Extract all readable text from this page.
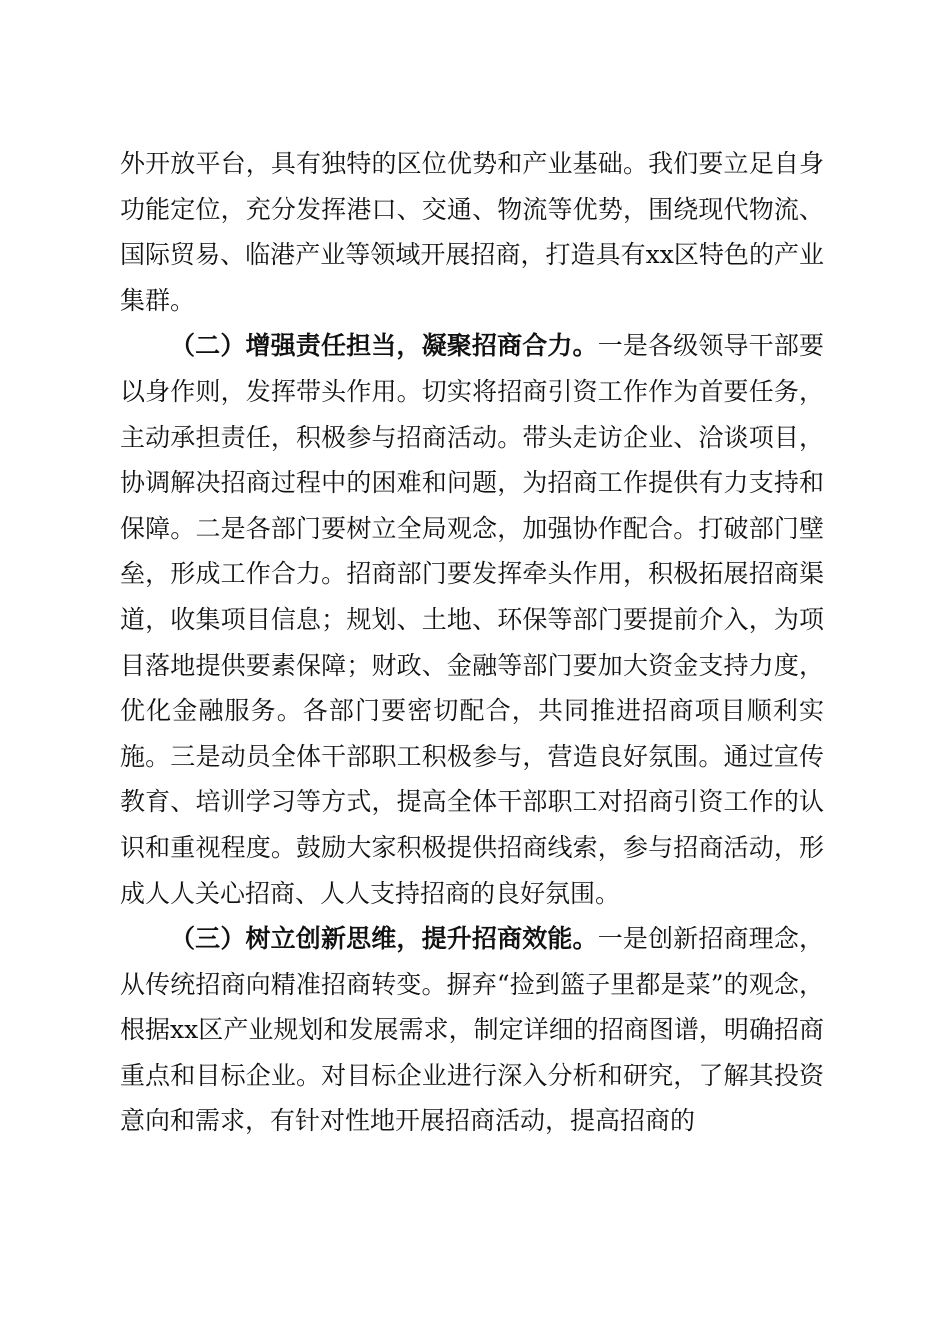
外开放平台，具有独特的区位优势和产业基础。我们要立足自身功能定位，充分发挥港口、交通、物流等优势，围绕现代物流、国际贸易、临港产业等领域开展招商，打造具有xx区特色的产业集群。

（二）增强责任担当，凝聚招商合力。一是各级领导干部要以身作则，发挥带头作用。切实将招商引资工作作为首要任务，主动承担责任，积极参与招商活动。带头走访企业、洽谈项目，协调解决招商过程中的困难和问题，为招商工作提供有力支持和保障。二是各部门要树立全局观念，加强协作配合。打破部门壁垒，形成工作合力。招商部门要发挥牵头作用，积极拓展招商渠道，收集项目信息；规划、土地、环保等部门要提前介入，为项目落地提供要素保障；财政、金融等部门要加大资金支持力度，优化金融服务。各部门要密切配合，共同推进招商项目顺利实施。三是动员全体干部职工积极参与，营造良好氛围。通过宣传教育、培训学习等方式，提高全体干部职工对招商引资工作的认识和重视程度。鼓励大家积极提供招商线索，参与招商活动，形成人人关心招商、人人支持招商的良好氛围。

（三）树立创新思维，提升招商效能。一是创新招商理念，从传统招商向精准招商转变。摒弃“捡到篮子里都是菜”的观念，根据xx区产业规划和发展需求，制定详细的招商图谱，明确招商重点和目标企业。对目标企业进行深入分析和研究，了解其投资意向和需求，有针对性地开展招商活动，提高招商的
